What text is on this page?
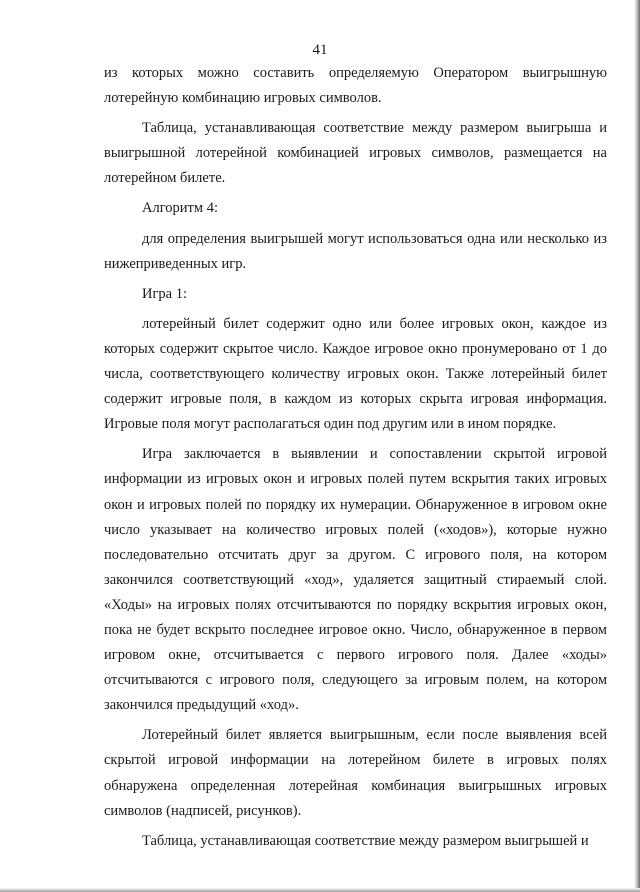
41

из которых можно составить определяемую Оператором выигрышную лотерейную комбинацию игровых символов.

Таблица, устанавливающая соответствие между размером выигрыша и выигрышной лотерейной комбинацией игровых символов, размещается на лотерейном билете.

Алгоритм 4:

для определения выигрышей могут использоваться одна или несколько из нижеприведенных игр.

Игра 1:

лотерейный билет содержит одно или более игровых окон, каждое из которых содержит скрытое число. Каждое игровое окно пронумеровано от 1 до числа, соответствующего количеству игровых окон. Также лотерейный билет содержит игровые поля, в каждом из которых скрыта игровая информация. Игровые поля могут располагаться один под другим или в ином порядке.

Игра заключается в выявлении и сопоставлении скрытой игровой информации из игровых окон и игровых полей путем вскрытия таких игровых окон и игровых полей по порядку их нумерации. Обнаруженное в игровом окне число указывает на количество игровых полей («ходов»), которые нужно последовательно отсчитать друг за другом. С игрового поля, на котором закончился соответствующий «ход», удаляется защитный стираемый слой. «Ходы» на игровых полях отсчитываются по порядку вскрытия игровых окон, пока не будет вскрыто последнее игровое окно. Число, обнаруженное в первом игровом окне, отсчитывается с первого игрового поля. Далее «ходы» отсчитываются с игрового поля, следующего за игровым полем, на котором закончился предыдущий «ход».

Лотерейный билет является выигрышным, если после выявления всей скрытой игровой информации на лотерейном билете в игровых полях обнаружена определенная лотерейная комбинация выигрышных игровых символов (надписей, рисунков).

Таблица, устанавливающая соответствие между размером выигрышей и
